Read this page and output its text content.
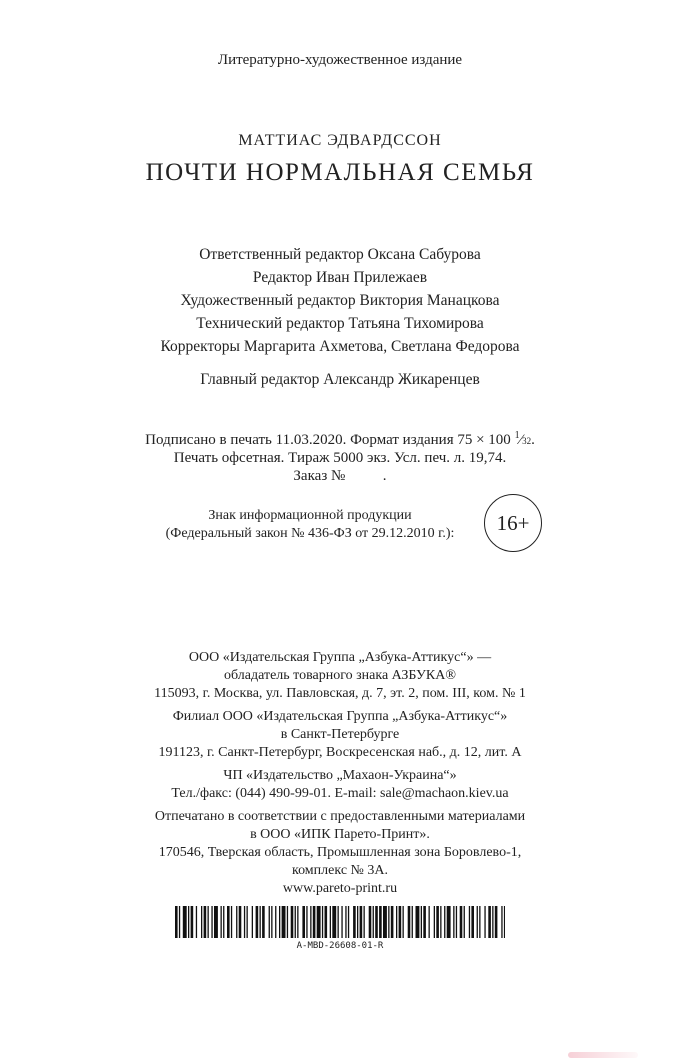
Литературно-художественное издание
МАТТИАС ЭДВАРДССОН
ПОЧТИ НОРМАЛЬНАЯ СЕМЬЯ
Ответственный редактор Оксана Сабурова
Редактор Иван Прилежаев
Художественный редактор Виктория Манацкова
Технический редактор Татьяна Тихомирова
Корректоры Маргарита Ахметова, Светлана Федорова
Главный редактор Александр Жикаренцев
Подписано в печать 11.03.2020. Формат издания 75 × 100 $^1$⁄32.
Печать офсетная. Тираж 5000 экз. Усл. печ. л. 19,74.
Заказ №          .
Знак информационной продукции
(Федеральный закон № 436-ФЗ от 29.12.2010 г.):	16+
ООО «Издательская Группа „Азбука-Аттикус“» —
обладатель товарного знака АЗБУКА®
115093, г. Москва, ул. Павловская, д. 7, эт. 2, пом. III, ком. № 1
Филиал ООО «Издательская Группа „Азбука-Аттикус“»
в Санкт-Петербурге
191123, г. Санкт-Петербург, Воскресенская наб., д. 12, лит. А
ЧП «Издательство „Махаон-Украина“»
Тел./факс: (044) 490-99-01. E-mail: sale@machaon.kiev.ua
Отпечатано в соответствии с предоставленными материалами
в ООО «ИПК Парето-Принт».
170546, Тверская область, Промышленная зона Боровлево-1,
комплекс № 3А.
www.pareto-print.ru
A-MBD-26608-01-R
